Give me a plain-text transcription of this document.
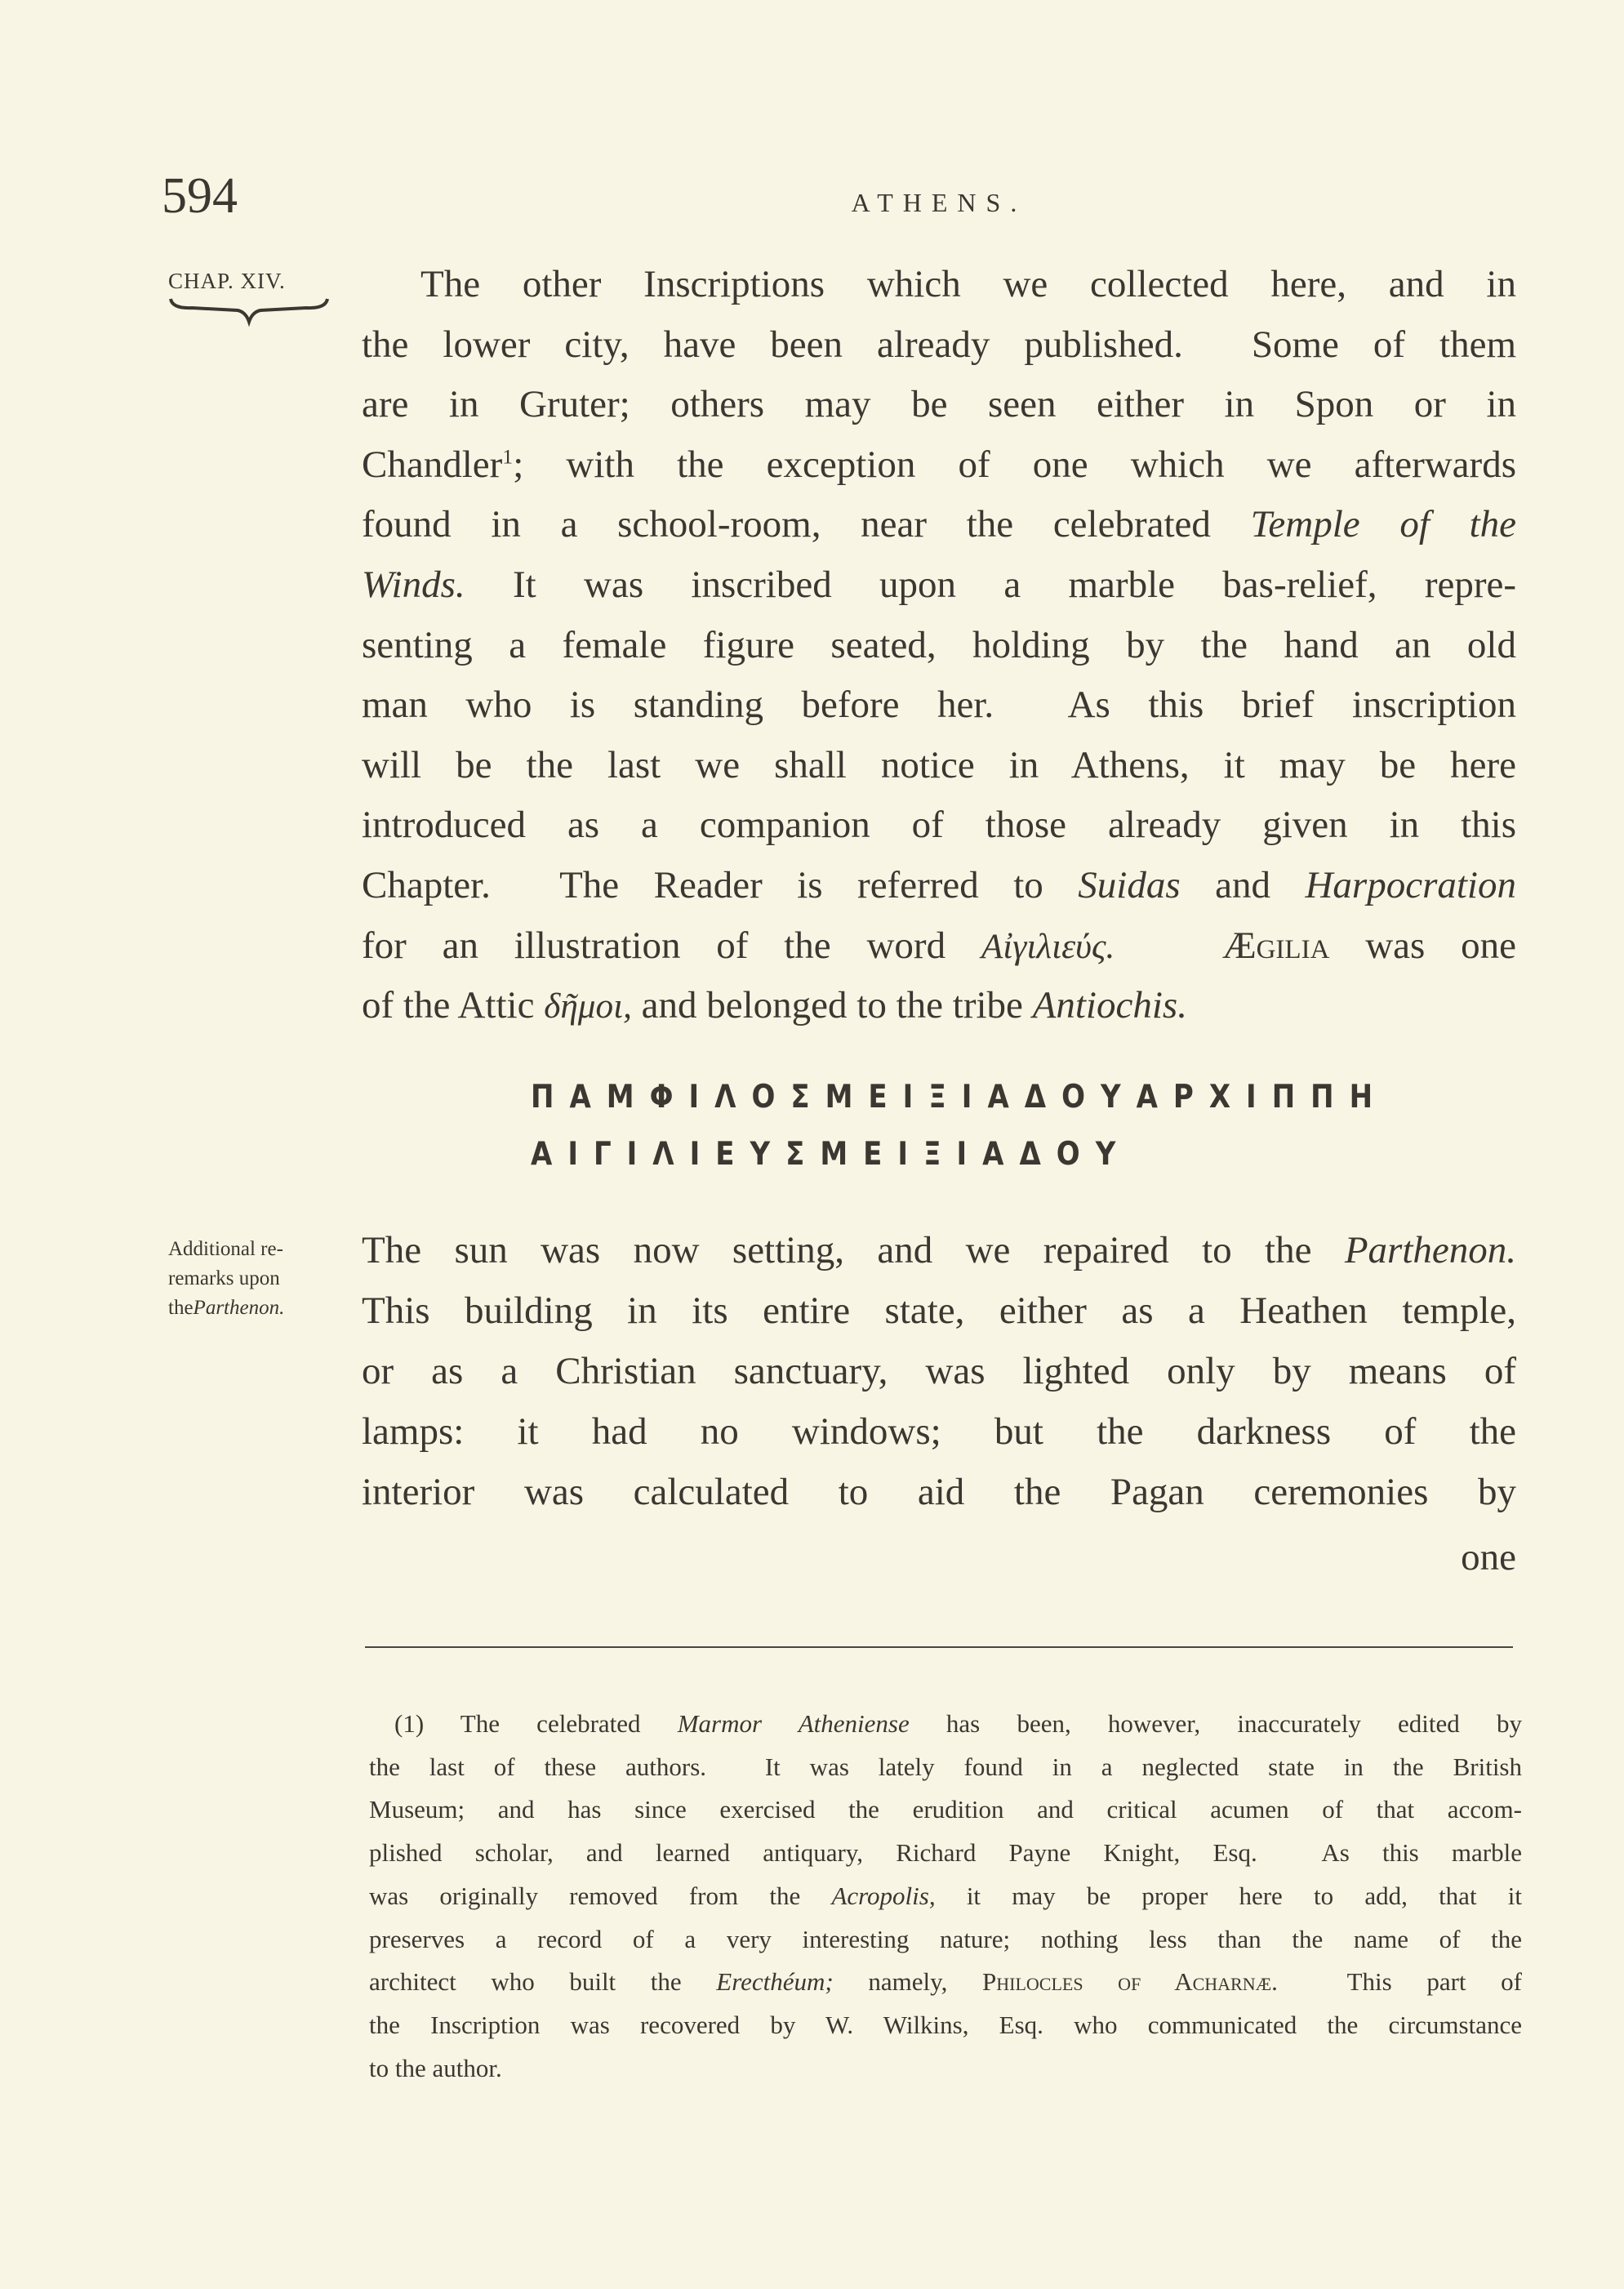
594	ATHENS.
CHAP. XIV.
Additional re-
remarks upon
theParthenon.
The other Inscriptions which we collected here, and in
the lower city, have been already published.  Some of them
are in Gruter; others may be seen either in Spon or in
Chandler$^1$; with the exception of one which we afterwards
found in a school-room, near the celebrated Temple of the
Winds. It was inscribed upon a marble bas-relief, repre-
senting a female figure seated, holding by the hand an old
man who is standing before her.  As this brief inscription
will be the last we shall notice in Athens, it may be here
introduced as a companion of those already given in this
Chapter.  The Reader is referred to Suidas and Harpocration
for an illustration of the word Αἰγιλιεύς.	Ægilia was one
of the Attic δῆμοι, and belonged to the tribe Antiochis.
ΠΑΜΦΙΛΟΣΜΕΙΞΙΑΔΟΥΑΡΧΙΠΠΗ
ΑΙΓΙΛΙΕΥΣΜΕΙΞΙΑΔΟΥ
The sun was now setting, and we repaired to the Parthenon.
This building in its entire state, either as a Heathen temple,
or as a Christian sanctuary, was lighted only by means of
lamps: it had no windows; but the darkness of the
interior was calculated to aid the Pagan ceremonies by
one
(1) The celebrated Marmor Atheniense has been, however, inaccurately edited by
the last of these authors.  It was lately found in a neglected state in the British
Museum; and has since exercised the erudition and critical acumen of that accom-
plished scholar, and learned antiquary, Richard Payne Knight, Esq.  As this marble
was originally removed from the Acropolis, it may be proper here to add, that it
preserves a record of a very interesting nature; nothing less than the name of the
architect who built the Erecthéum; namely, Philocles of Acharnæ.  This part of
the Inscription was recovered by W. Wilkins, Esq. who communicated the circumstance
to the author.
